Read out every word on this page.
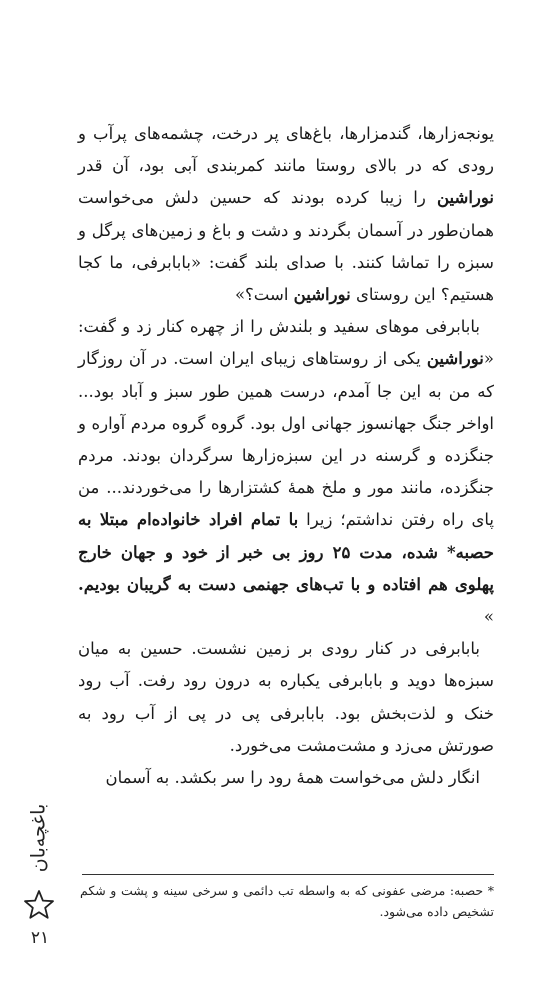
یونجه‌زارها، گندمزارها، باغ‌های پر درخت، چشمه‌های پرآب و رودی که در بالای روستا مانند کمربندی آبی بود، آن قدر نوراشین را زیبا کرده بودند که حسین دلش می‌خواست همان‌طور در آسمان بگردند و دشت و باغ و زمین‌های پرگل و سبزه را تماشا کنند. با صدای بلند گفت: «بابابرفی، ما کجا هستیم؟ این روستای نوراشین است؟»

بابابرفی موهای سفید و بلندش را از چهره کنار زد و گفت: «نوراشین یکی از روستاهای زیبای ایران است. در آن روزگار که من به این جا آمدم، درست همین طور سبز و آباد بود... اواخر جنگ جهانسوز جهانی اول بود. گروه گروه مردم آواره و جنگزده و گرسنه در این سبزه‌زارها سرگردان بودند. مردم جنگزده، مانند مور و ملخ همهٔ کشتزارها را می‌خوردند... من پای راه رفتن نداشتم؛ زیرا با تمام افراد خانواده‌ام مبتلا به حصبه* شده، مدت ۲۵ روز بی خبر از خود و جهان خارج پهلوی هم افتاده و با تب‌های جهنمی دست به گریبان بودیم. »

بابابرفی در کنار رودی بر زمین نشست. حسین به میان سبزه‌ها دوید و بابابرفی یکباره به درون رود رفت. آب رود خنک و لذت‌بخش بود. بابابرفی پی در پی از آب رود به صورتش می‌زد و مشت‌مشت می‌خورد.

انگار دلش می‌خواست همهٔ رود را سر بکشد. به آسمان

* حصبه: مرضی عفونی که به واسطه تب دائمی و سرخی سینه و پشت و شکم تشخیص داده می‌شود.
باغچه‌بان
۲۱
